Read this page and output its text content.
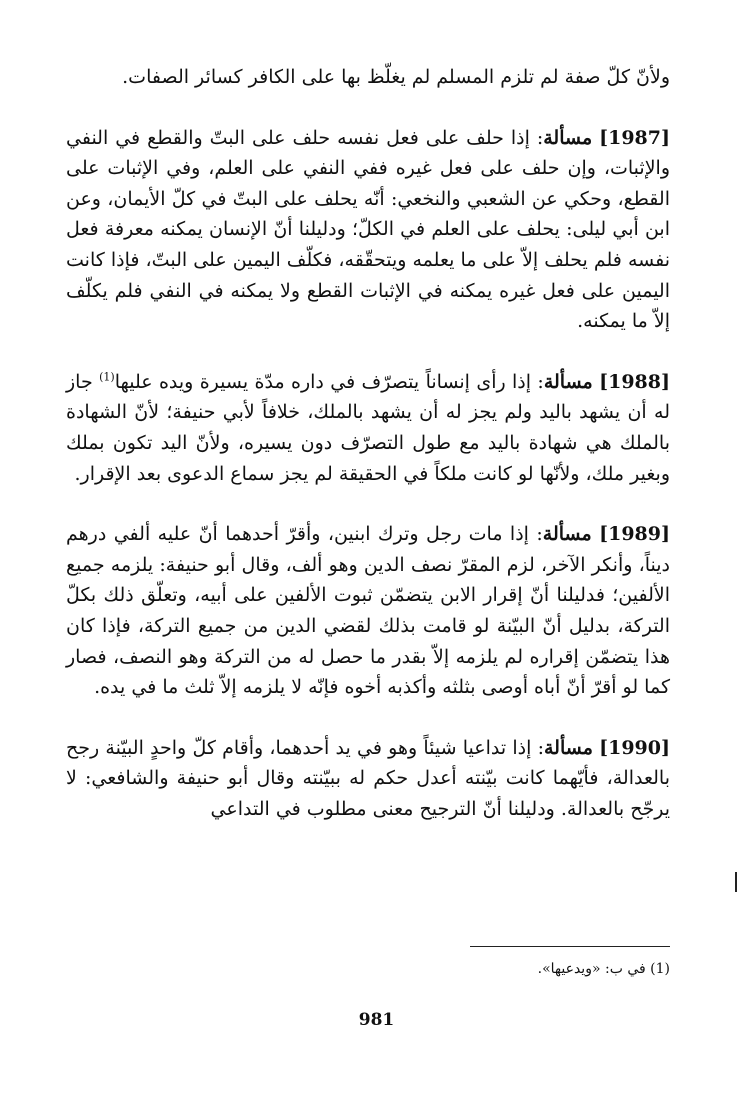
ولأنّ كلّ صفة لم تلزم المسلم لم يغلّظ بها على الكافر كسائر الصفات.

[1987] مسألة: إذا حلف على فعل نفسه حلف على البتّ والقطع في النفي والإثبات، وإن حلف على فعل غيره ففي النفي على العلم، وفي الإثبات على القطع، وحكي عن الشعبي والنخعي: أنّه يحلف على البتّ في كلّ الأيمان، وعن ابن أبي ليلى: يحلف على العلم في الكلّ؛ ودليلنا أنّ الإنسان يمكنه معرفة فعل نفسه فلم يحلف إلاّ على ما يعلمه ويتحقّقه، فكلّف اليمين على البتّ، فإذا كانت اليمين على فعل غيره يمكنه في الإثبات القطع ولا يمكنه في النفي فلم يكلّف إلاّ ما يمكنه.

[1988] مسألة: إذا رأى إنساناً يتصرّف في داره مدّة يسيرة ويده عليها$^{(1)}$ جاز له أن يشهد باليد ولم يجز له أن يشهد بالملك، خلافاً لأبي حنيفة؛ لأنّ الشهادة بالملك هي شهادة باليد مع طول التصرّف دون يسيره، ولأنّ اليد تكون بملك وبغير ملك، ولأنّها لو كانت ملكاً في الحقيقة لم يجز سماع الدعوى بعد الإقرار.

[1989] مسألة: إذا مات رجل وترك ابنين، وأقرّ أحدهما أنّ عليه ألفي درهم ديناً، وأنكر الآخر، لزم المقرّ نصف الدين وهو ألف، وقال أبو حنيفة: يلزمه جميع الألفين؛ فدليلنا أنّ إقرار الابن يتضمّن ثبوت الألفين على أبيه، وتعلّق ذلك بكلّ التركة، بدليل أنّ البيّنة لو قامت بذلك لقضي الدين من جميع التركة، فإذا كان هذا يتضمّن إقراره لم يلزمه إلاّ بقدر ما حصل له من التركة وهو النصف، فصار كما لو أقرّ أنّ أباه أوصى بثلثه وأكذبه أخوه فإنّه لا يلزمه إلاّ ثلث ما في يده.

[1990] مسألة: إذا تداعيا شيئاً وهو في يد أحدهما، وأقام كلّ واحدٍ البيّنة رجح بالعدالة، فأيّهما كانت بيّنته أعدل حكم له ببيّنته وقال أبو حنيفة والشافعي: لا يرجّح بالعدالة. ودليلنا أنّ الترجيح معنى مطلوب في التداعي

(1) في ب: «ويدعيها».
981
